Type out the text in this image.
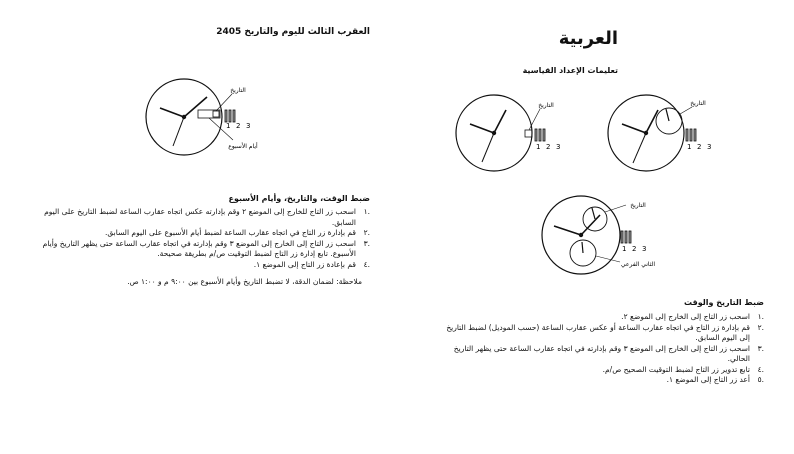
العربية
العقرب الثالث لليوم والتاريخ 2405
تعليمات الإعداد القياسية
1 2 3
التاريخ
أيام الأسبوع	1 2 3
التاريخ
1 2 3
التاريخ
1 2 3
التاريخ
الثاني الفرعي
ضبط الوقت، والتاريخ، وأيام الأسبوع
.١
اسحب زر التاج للخارج إلى الموضع ٢ وقم بإدارته عكس اتجاه عقارب الساعة لضبط التاريخ على اليوم السابق.
.٢
قم بإدارة زر التاج في اتجاه عقارب الساعة لضبط أيام الأسبوع على اليوم السابق.
.٣
اسحب زر التاج إلى الخارج إلى الموضع ٣ وقم بإدارته في اتجاه عقارب الساعة حتى يظهر التاريخ وأيام الأسبوع. تابع إدارة زر التاج لضبط التوقيت ص/م بطريقة صحيحة.
.٤
قم بإعادة زر التاج إلى الموضع ١.
ملاحظة: لضمان الدقة، لا تضبط التاريخ وأيام الأسبوع بين ٩:٠٠ م و ١:٠٠ ص.
ضبط التاريخ والوقت
.١
اسحب زر التاج إلى الخارج إلى الموضع ٢.
.٢
قم بإدارة زر التاج في اتجاه عقارب الساعة أو عكس عقارب الساعة (حسب الموديل) لضبط التاريخ إلى اليوم السابق.
.٣
اسحب زر التاج إلى الخارج إلى الموضع ٣ وقم بإدارته في اتجاه عقارب الساعة حتى يظهر التاريخ الحالي.
.٤
تابع تدوير زر التاج لضبط التوقيت الصحيح ص/م.
.٥
أعد زر التاج إلى الموضع ١.
